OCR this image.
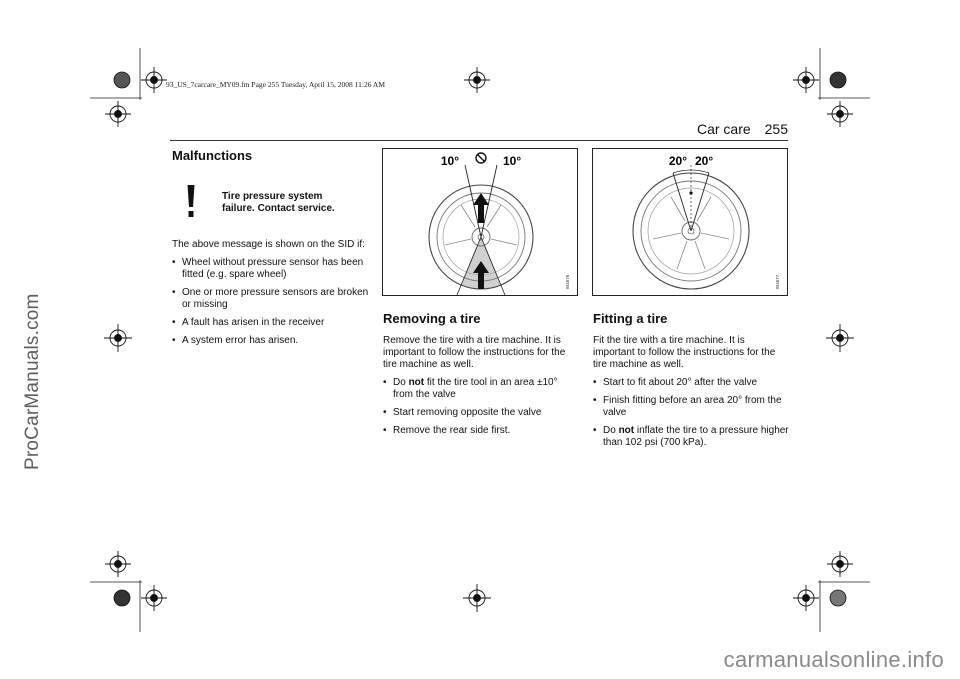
93_US_7carcare_MY09.fm Page 255 Tuesday, April 15, 2008 11:26 AM
ProCarManuals.com
Car care 255
Malfunctions
Tire pressure system failure. Contact service.

The above message is shown on the SID if:

• Wheel without pressure sensor has been fitted (e.g. spare wheel)
• One or more pressure sensors are broken or missing
• A fault has arisen in the receiver
• A system error has arisen.
10°	10°
IB4676
20° 20°
IB4677
Removing a tire

Remove the tire with a tire machine. It is important to follow the instructions for the tire machine as well.

• Do not fit the tire tool in an area ±10° from the valve
• Start removing opposite the valve
• Remove the rear side first.
Fitting a tire

Fit the tire with a tire machine. It is important to follow the instructions for the tire machine as well.

• Start to fit about 20° after the valve
• Finish fitting before an area 20° from the valve
• Do not inflate the tire to a pressure higher than 102 psi (700 kPa).
carmanualsonline.info
